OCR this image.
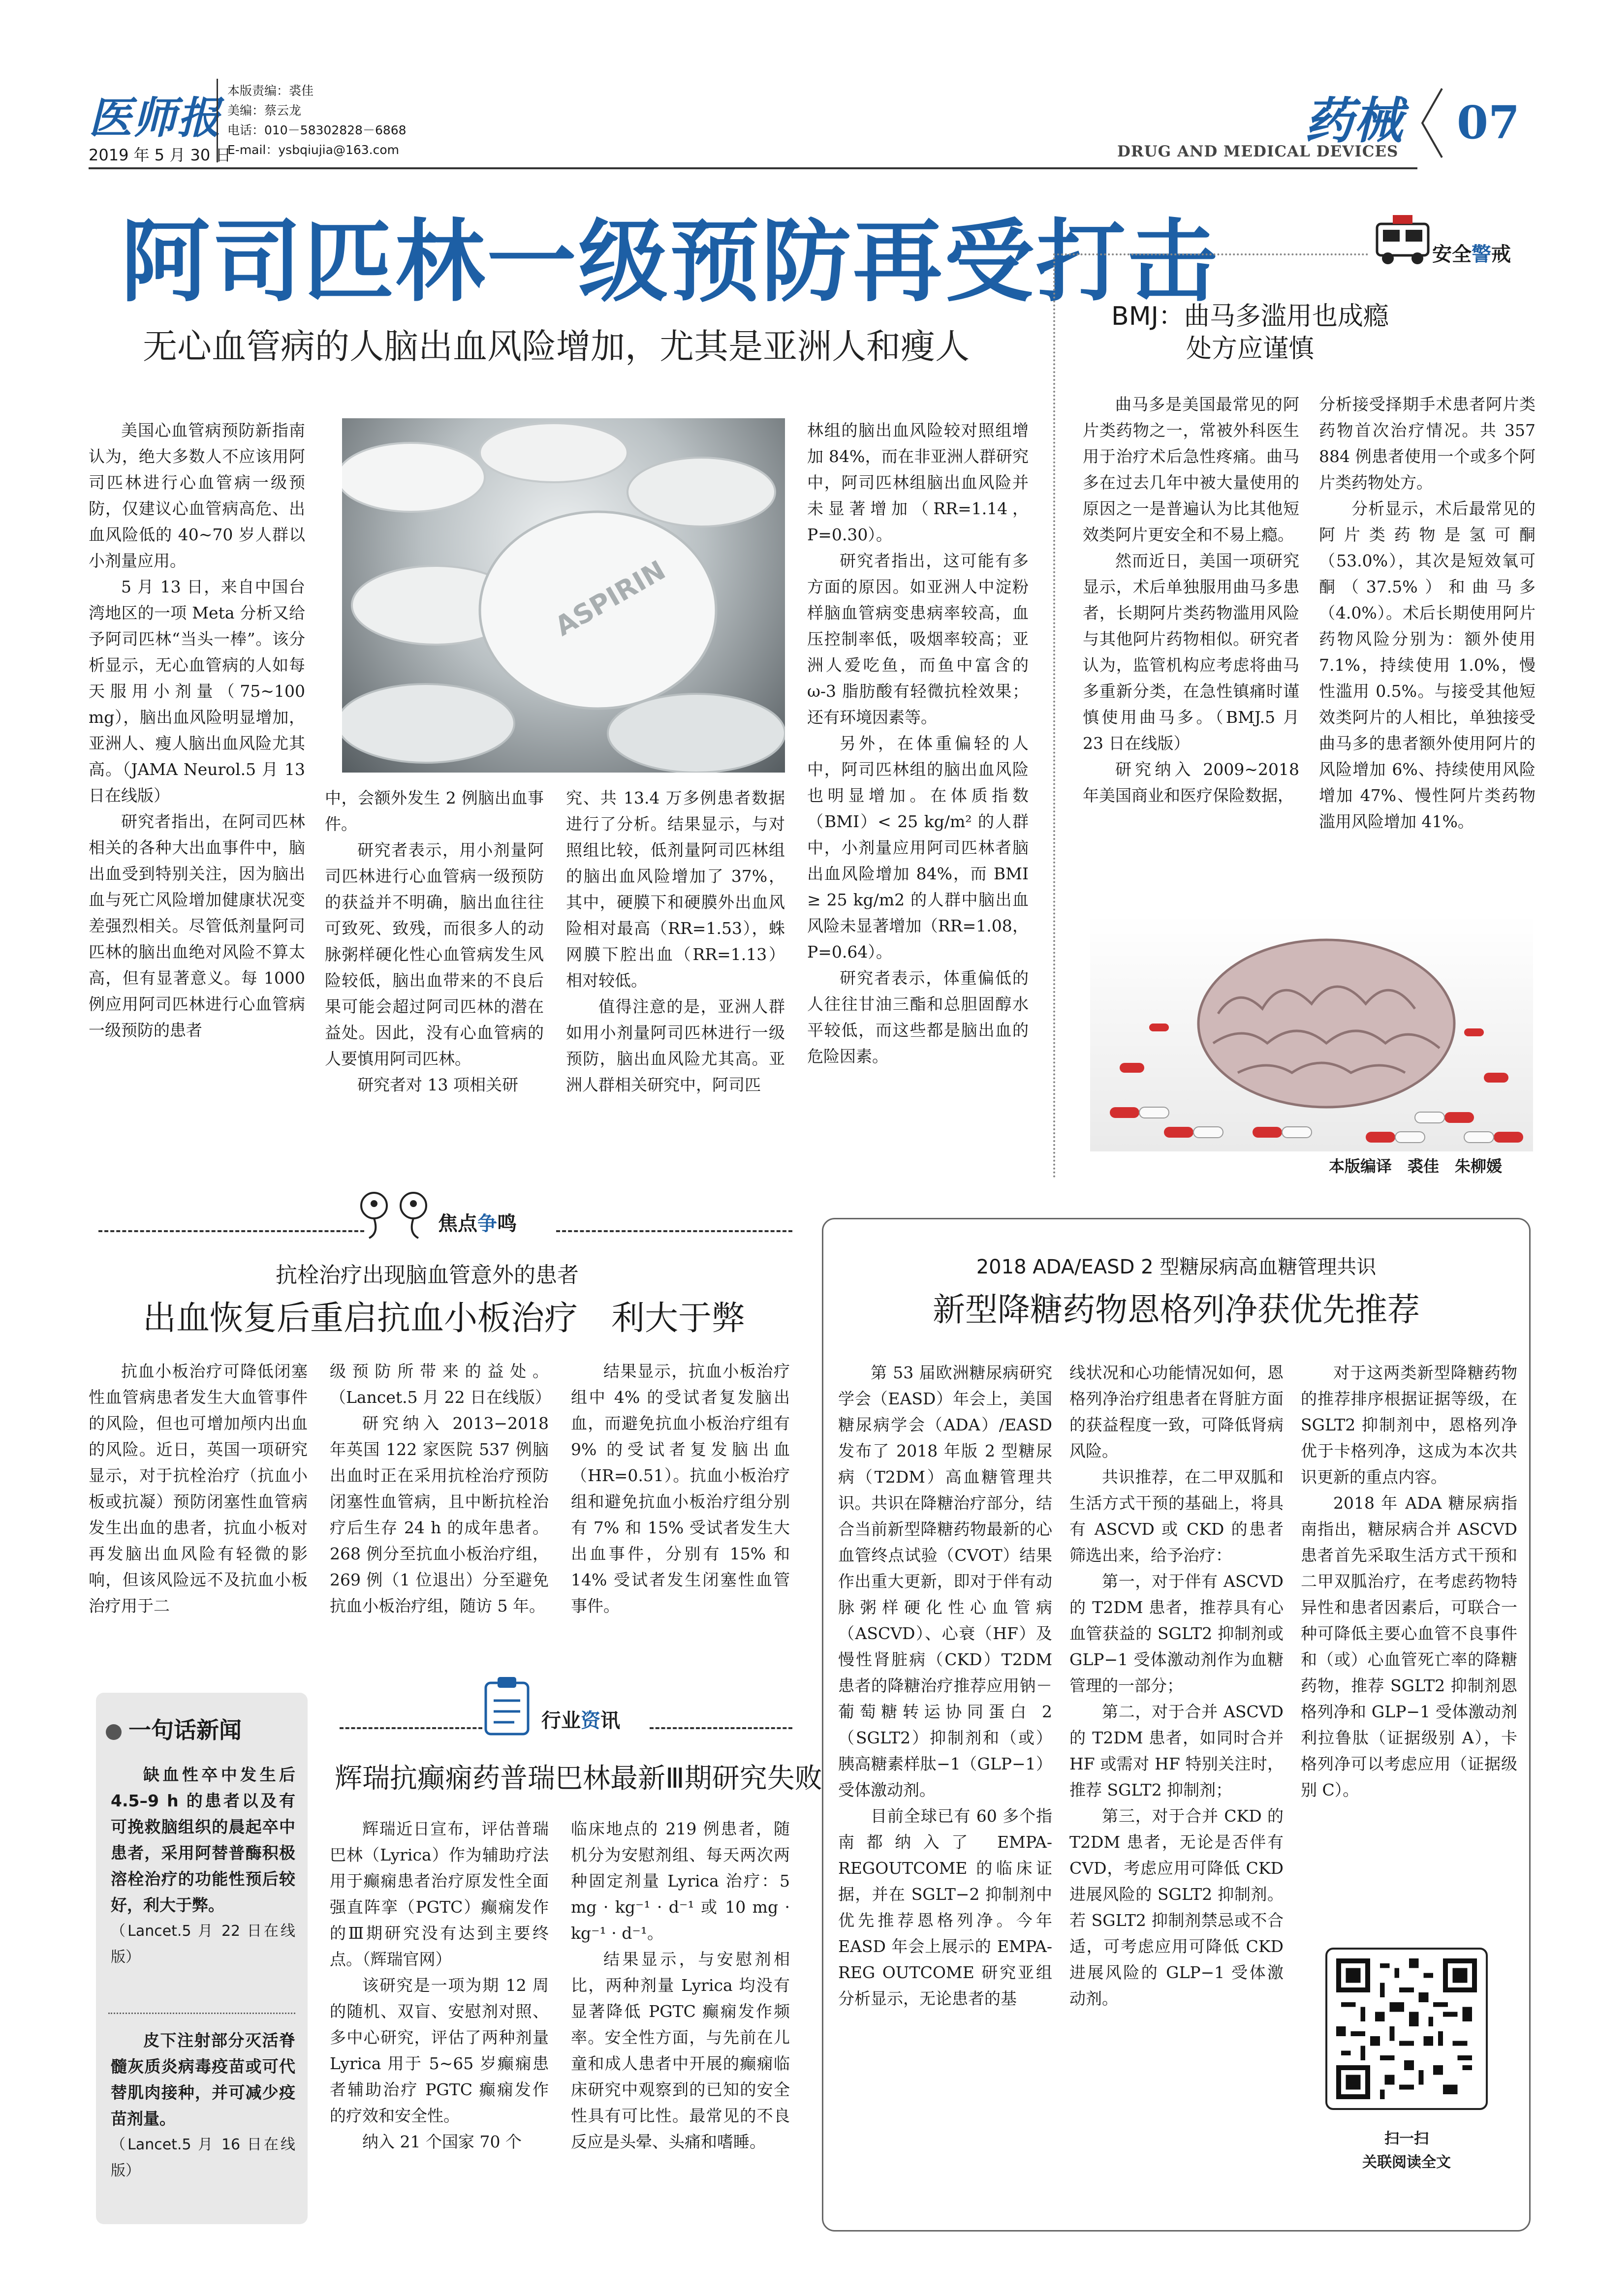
医师报
2019 年 5 月 30 日
本版责编：裘佳
美编：蔡云龙
电话：010－58302828－6868
E-mail：ysbqiujia@163.com
药械 07
DRUG AND MEDICAL DEVICES
阿司匹林一级预防再受打击
无心血管病的人脑出血风险增加，尤其是亚洲人和瘦人
ASPIRIN

美国心血管病预防新指南认为，绝大多数人不应该用阿司匹林进行心血管病一级预防，仅建议心血管病高危、出血风险低的 40~70 岁人群以小剂量应用。

5 月 13 日，来自中国台湾地区的一项 Meta 分析又给予阿司匹林“当头一棒”。该分析显示，无心血管病的人如每天服用小剂量（75~100 mg），脑出血风险明显增加，亚洲人、瘦人脑出血风险尤其高。（JAMA Neurol.5 月 13 日在线版）

研究者指出，在阿司匹林相关的各种大出血事件中，脑出血受到特别关注，因为脑出血与死亡风险增加健康状况变差强烈相关。尽管低剂量阿司匹林的脑出血绝对风险不算太高，但有显著意义。每 1000 例应用阿司匹林进行心血管病一级预防的患者

中，会额外发生 2 例脑出血事件。

研究者表示，用小剂量阿司匹林进行心血管病一级预防的获益并不明确，脑出血往往可致死、致残，而很多人的动脉粥样硬化性心血管病发生风险较低，脑出血带来的不良后果可能会超过阿司匹林的潜在益处。因此，没有心血管病的人要慎用阿司匹林。

研究者对 13 项相关研

究、共 13.4 万多例患者数据进行了分析。结果显示，与对照组比较，低剂量阿司匹林组的脑出血风险增加了 37%，其中，硬膜下和硬膜外出血风险相对最高（RR=1.53），蛛网膜下腔出血（RR=1.13）相对较低。

值得注意的是，亚洲人群如用小剂量阿司匹林进行一级预防，脑出血风险尤其高。亚洲人群相关研究中，阿司匹

林组的脑出血风险较对照组增加 84%，而在非亚洲人群研究中，阿司匹林组脑出血风险并未显著增加（RR=1.14，P=0.30）。

研究者指出，这可能有多方面的原因。如亚洲人中淀粉样脑血管病变患病率较高，血压控制率低，吸烟率较高；亚洲人爱吃鱼，而鱼中富含的 ω-3 脂肪酸有轻微抗栓效果；还有环境因素等。

另外，在体重偏轻的人中，阿司匹林组的脑出血风险也明显增加。在体质指数（BMI）< 25 kg/m² 的人群中，小剂量应用阿司匹林者脑出血风险增加 84%，而 BMI ≥ 25 kg/m2 的人群中脑出血风险未显著增加（RR=1.08，P=0.64）。

研究者表示，体重偏低的人往往甘油三酯和总胆固醇水平较低，而这些都是脑出血的危险因素。

安全警戒
BMJ：曲马多滥用也成瘾
处方应谨慎

曲马多是美国最常见的阿片类药物之一，常被外科医生用于治疗术后急性疼痛。曲马多在过去几年中被大量使用的原因之一是普遍认为比其他短效类阿片更安全和不易上瘾。

然而近日，美国一项研究显示，术后单独服用曲马多患者，长期阿片类药物滥用风险与其他阿片药物相似。研究者认为，监管机构应考虑将曲马多重新分类，在急性镇痛时谨慎使用曲马多。（BMJ.5 月 23 日在线版）

研究纳入 2009~2018 年美国商业和医疗保险数据，

分析接受择期手术患者阿片类药物首次治疗情况。共 357 884 例患者使用一个或多个阿片类药物处方。

分析显示，术后最常见的阿片类药物是氢可酮（53.0%），其次是短效氧可酮（37.5%）和曲马多（4.0%）。术后长期使用阿片药物风险分别为：额外使用 7.1%，持续使用 1.0%，慢性滥用 0.5%。与接受其他短效类阿片的人相比，单独接受曲马多的患者额外使用阿片的风险增加 6%、持续使用风险增加 47%、慢性阿片类药物滥用风险增加 41%。

本版编译　裘佳　朱柳媛
焦点争鸣
抗栓治疗出现脑血管意外的患者
出血恢复后重启抗血小板治疗　利大于弊

抗血小板治疗可降低闭塞性血管病患者发生大血管事件的风险，但也可增加颅内出血的风险。近日，英国一项研究显示，对于抗栓治疗（抗血小板或抗凝）预防闭塞性血管病发生出血的患者，抗血小板对再发脑出血风险有轻微的影响，但该风险远不及抗血小板治疗用于二

级预防所带来的益处。（Lancet.5 月 22 日在线版）

研究纳入 2013−2018 年英国 122 家医院 537 例脑出血时正在采用抗栓治疗预防闭塞性血管病，且中断抗栓治疗后生存 24 h 的成年患者。268 例分至抗血小板治疗组，269 例（1 位退出）分至避免抗血小板治疗组，随访 5 年。

结果显示，抗血小板治疗组中 4% 的受试者复发脑出血，而避免抗血小板治疗组有 9% 的受试者复发脑出血（HR=0.51）。抗血小板治疗组和避免抗血小板治疗组分别有 7% 和 15% 受试者发生大出血事件，分别有 15% 和 14% 受试者发生闭塞性血管事件。

一句话新闻

缺血性卒中发生后 4.5–9 h 的患者以及有可挽救脑组织的晨起卒中患者，采用阿替普酶积极溶栓治疗的功能性预后较好，利大于弊。

（Lancet.5 月 22 日在线版）

皮下注射部分灭活脊髓灰质炎病毒疫苗或可代替肌肉接种，并可减少疫苗剂量。

（Lancet.5 月 16 日在线版）

行业资讯
辉瑞抗癫痫药普瑞巴林最新Ⅲ期研究失败

辉瑞近日宣布，评估普瑞巴林（Lyrica）作为辅助疗法用于癫痫患者治疗原发性全面强直阵挛（PGTC）癫痫发作的Ⅲ期研究没有达到主要终点。（辉瑞官网）

该研究是一项为期 12 周的随机、双盲、安慰剂对照、多中心研究，评估了两种剂量 Lyrica 用于 5~65 岁癫痫患者辅助治疗 PGTC 癫痫发作的疗效和安全性。

纳入 21 个国家 70 个

临床地点的 219 例患者，随机分为安慰剂组、每天两次两种固定剂量 Lyrica 治疗：5 mg · kg⁻¹ · d⁻¹ 或 10 mg · kg⁻¹ · d⁻¹。

结果显示，与安慰剂相比，两种剂量 Lyrica 均没有显著降低 PGTC 癫痫发作频率。安全性方面，与先前在儿童和成人患者中开展的癫痫临床研究中观察到的已知的安全性具有可比性。最常见的不良反应是头晕、头痛和嗜睡。

2018 ADA/EASD 2 型糖尿病高血糖管理共识
新型降糖药物恩格列净获优先推荐

第 53 届欧洲糖尿病研究学会（EASD）年会上，美国糖尿病学会（ADA）/EASD 发布了 2018 年版 2 型糖尿病（T2DM）高血糖管理共识。共识在降糖治疗部分，结合当前新型降糖药物最新的心血管终点试验（CVOT）结果作出重大更新，即对于伴有动脉粥样硬化性心血管病（ASCVD）、心衰（HF）及慢性肾脏病（CKD）T2DM 患者的降糖治疗推荐应用钠－葡萄糖转运协同蛋白 2（SGLT2）抑制剂和（或）胰高糖素样肽−1（GLP−1）受体激动剂。

目前全球已有 60 多个指南都纳入了 EMPA-REGOUTCOME 的临床证据，并在 SGLT−2 抑制剂中优先推荐恩格列净。今年 EASD 年会上展示的 EMPA-REG OUTCOME 研究亚组分析显示，无论患者的基

线状况和心功能情况如何，恩格列净治疗组患者在肾脏方面的获益程度一致，可降低肾病风险。

共识推荐，在二甲双胍和生活方式干预的基础上，将具有 ASCVD 或 CKD 的患者筛选出来，给予治疗：

第一，对于伴有 ASCVD 的 T2DM 患者，推荐具有心血管获益的 SGLT2 抑制剂或 GLP−1 受体激动剂作为血糖管理的一部分；

第二，对于合并 ASCVD 的 T2DM 患者，如同时合并 HF 或需对 HF 特别关注时，推荐 SGLT2 抑制剂；

第三，对于合并 CKD 的 T2DM 患者，无论是否伴有 CVD，考虑应用可降低 CKD 进展风险的 SGLT2 抑制剂。若 SGLT2 抑制剂禁忌或不合适，可考虑应用可降低 CKD 进展风险的 GLP−1 受体激动剂。

对于这两类新型降糖药物的推荐排序根据证据等级，在 SGLT2 抑制剂中，恩格列净优于卡格列净，这成为本次共识更新的重点内容。

2018 年 ADA 糖尿病指南指出，糖尿病合并 ASCVD 患者首先采取生活方式干预和二甲双胍治疗，在考虑药物特异性和患者因素后，可联合一种可降低主要心血管不良事件和（或）心血管死亡率的降糖药物，推荐 SGLT2 抑制剂恩格列净和 GLP−1 受体激动剂利拉鲁肽（证据级别 A），卡格列净可以考虑应用（证据级别 C）。

扫一扫
关联阅读全文
